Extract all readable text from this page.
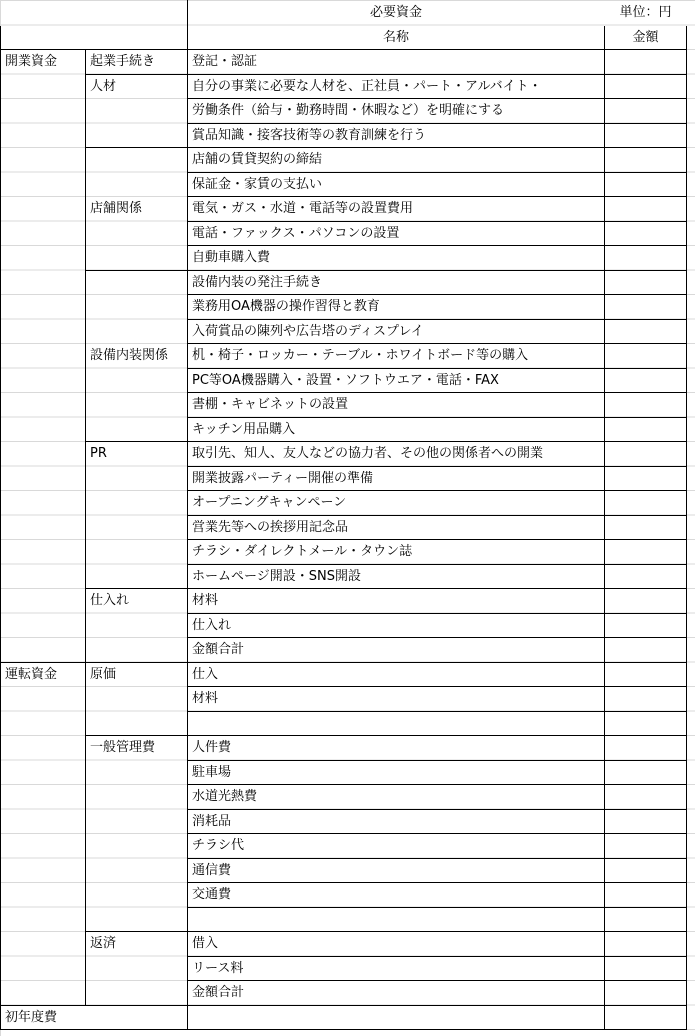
		必要資金	単位：円
		名称	金額
開業資金	起業手続き	登記・認証	
	人材	自分の事業に必要な人材を、正社員・パート・アルバイト・	
		労働条件（給与・勤務時間・休暇など）を明確にする	
		賞品知識・接客技術等の教育訓練を行う	
		店舗の賃貸契約の締結	
		保証金・家賃の支払い	
	店舗関係	電気・ガス・水道・電話等の設置費用	
		電話・ファックス・パソコンの設置	
		自動車購入費	
		設備内装の発注手続き	
		業務用OA機器の操作習得と教育	
		入荷賞品の陳列や広告塔のディスプレイ	
	設備内装関係	机・椅子・ロッカー・テーブル・ホワイトボード等の購入	
		PC等OA機器購入・設置・ソフトウエア・電話・FAX	
		書棚・キャビネットの設置	
		キッチン用品購入	
	PR	取引先、知人、友人などの協力者、その他の関係者への開業	
		開業披露パーティー開催の準備	
		オープニングキャンペーン	
		営業先等への挨拶用記念品	
		チラシ・ダイレクトメール・タウン誌	
		ホームページ開設・SNS開設	
	仕入れ	材料	
		仕入れ	
		金額合計	
運転資金	原価	仕入	
		材料	

	一般管理費	人件費	
		駐車場	
		水道光熱費	
		消耗品	
		チラシ代	
		通信費	
		交通費	

	返済	借入	
		リース料	
		金額合計	
初年度費			
